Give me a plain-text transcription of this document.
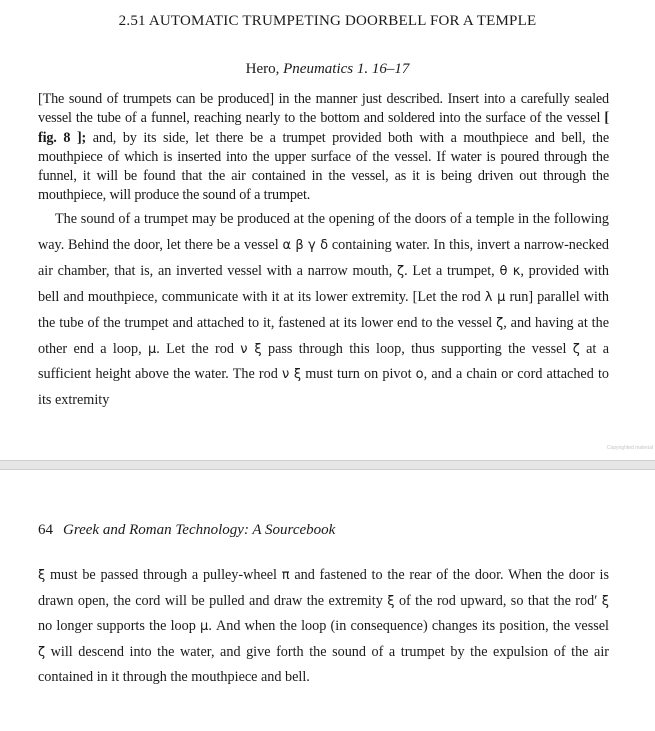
2.51 AUTOMATIC TRUMPETING DOORBELL FOR A TEMPLE
Hero, Pneumatics 1. 16–17

[The sound of trumpets can be produced] in the manner just described. Insert into a carefully sealed vessel the tube of a funnel, reaching nearly to the bottom and soldered into the surface of the vessel [ fig. 8 ]; and, by its side, let there be a trumpet provided both with a mouthpiece and bell, the mouthpiece of which is inserted into the upper surface of the vessel. If water is poured through the funnel, it will be found that the air contained in the vessel, as it is being driven out through the mouthpiece, will produce the sound of a trumpet.

The sound of a trumpet may be produced at the opening of the doors of a temple in the following way. Behind the door, let there be a vessel α β γ δ containing water. In this, invert a narrow-necked air chamber, that is, an inverted vessel with a narrow mouth, ζ. Let a trumpet, θ κ, provided with bell and mouthpiece, communicate with it at its lower extremity. [Let the rod λ μ run] parallel with the tube of the trumpet and attached to it, fastened at its lower end to the vessel ζ, and having at the other end a loop, μ. Let the rod ν ξ pass through this loop, thus supporting the vessel ζ at a sufficient height above the water. The rod ν ξ must turn on pivot ο, and a chain or cord attached to its extremity

Copyrighted material
64 Greek and Roman Technology: A Sourcebook

ξ must be passed through a pulley-wheel π and fastened to the rear of the door. When the door is drawn open, the cord will be pulled and draw the extremity ξ of the rod upward, so that the rod′ ξ no longer supports the loop μ. And when the loop (in consequence) changes its position, the vessel ζ will descend into the water, and give forth the sound of a trumpet by the expulsion of the air contained in it through the mouthpiece and bell.
